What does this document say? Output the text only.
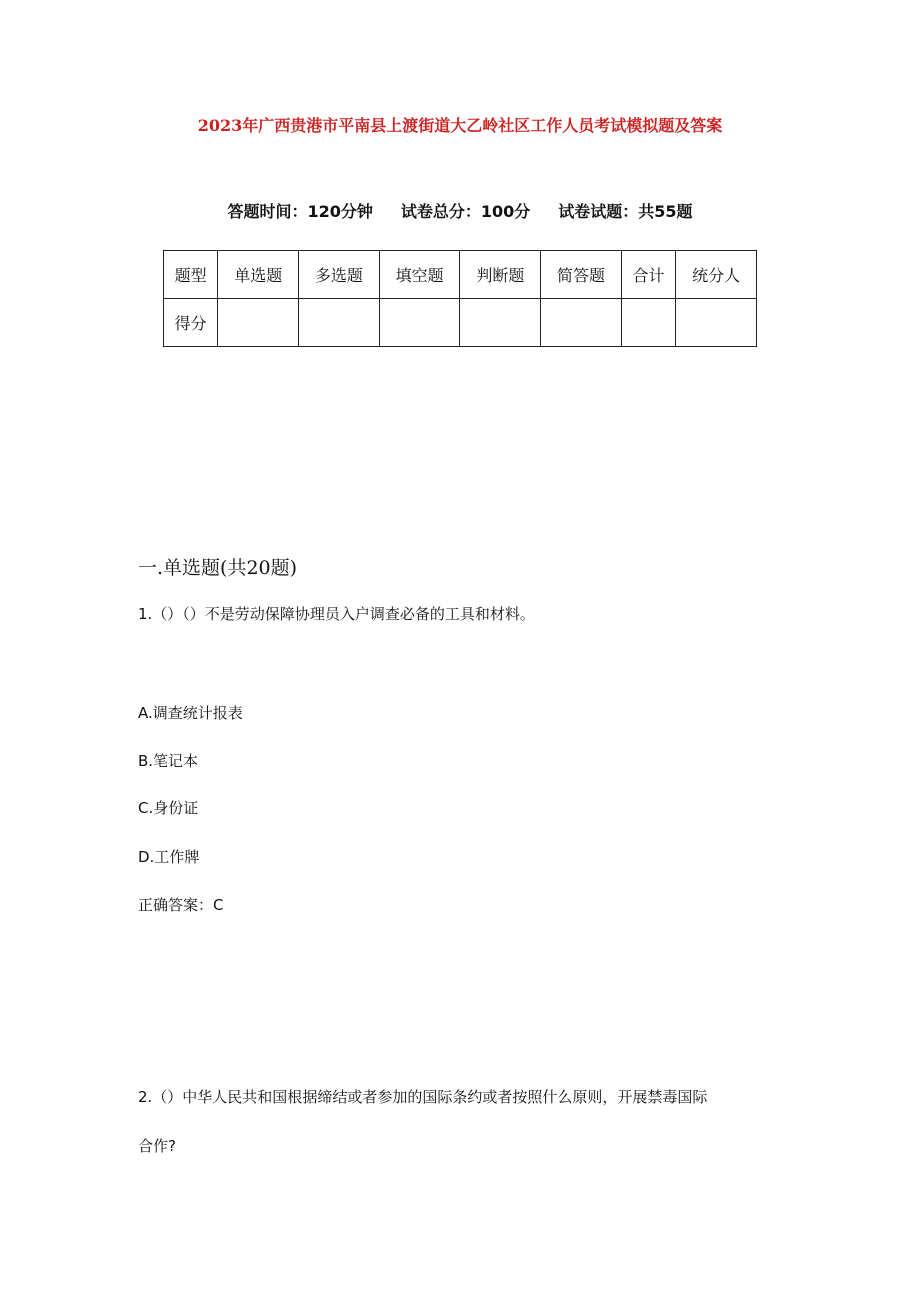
2023年广西贵港市平南县上渡街道大乙岭社区工作人员考试模拟题及答案
答题时间：120分钟 试卷总分：100分 试卷试题：共55题
题型	单选题	多选题	填空题	判断题	简答题	合计	统分人
得分							
一.单选题(共20题)
1.（）（）不是劳动保障协理员入户调查必备的工具和材料。
A.调查统计报表
B.笔记本
C.身份证
D.工作牌
正确答案：C
2.（）中华人民共和国根据缔结或者参加的国际条约或者按照什么原则，开展禁毒国际
合作?
